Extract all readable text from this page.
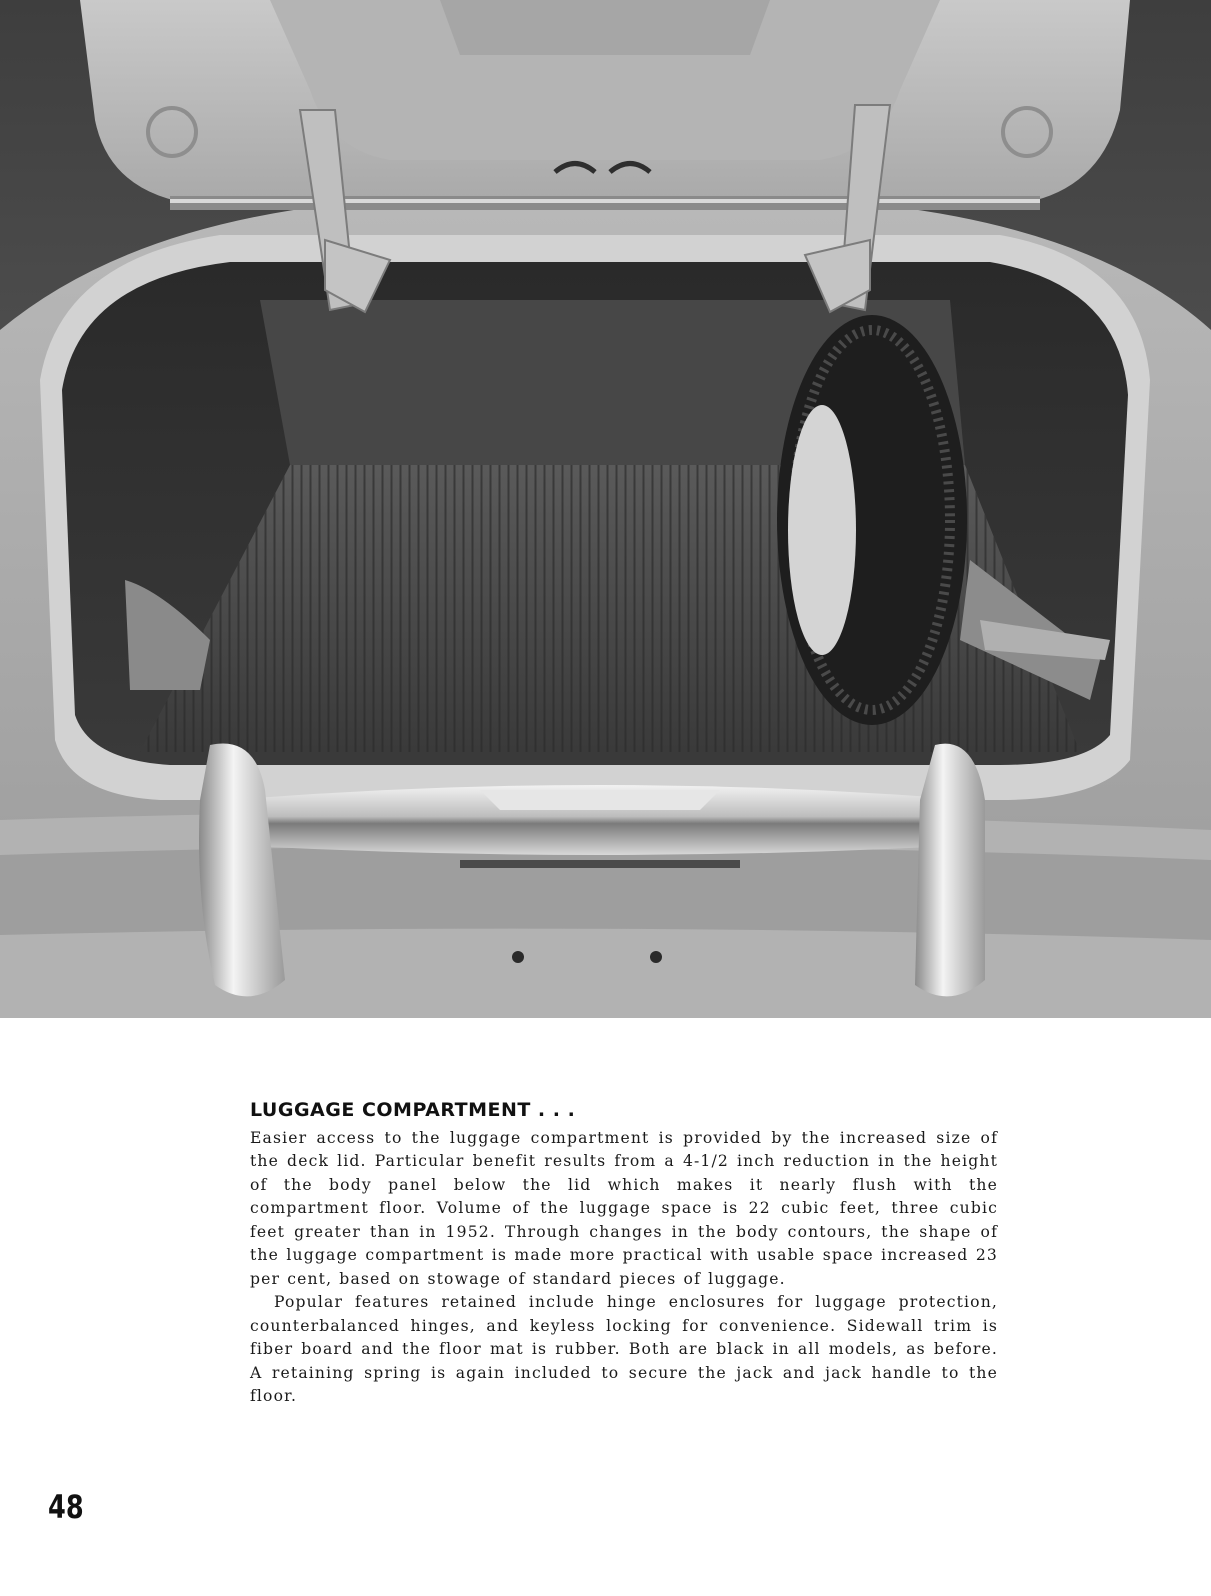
LUGGAGE COMPARTMENT . . .

Easier access to the luggage compartment is provided by the increased size of the deck lid. Particular benefit results from a 4-1/2 inch reduction in the height of the body panel below the lid which makes it nearly flush with the compartment floor. Volume of the luggage space is 22 cubic feet, three cubic feet greater than in 1952. Through changes in the body contours, the shape of the luggage compartment is made more practical with usable space increased 23 per cent, based on stowage of standard pieces of luggage.

Popular features retained include hinge enclosures for luggage protection, counterbalanced hinges, and keyless locking for convenience. Sidewall trim is fiber board and the floor mat is rubber. Both are black in all models, as before. A retaining spring is again included to secure the jack and jack handle to the floor.

48
